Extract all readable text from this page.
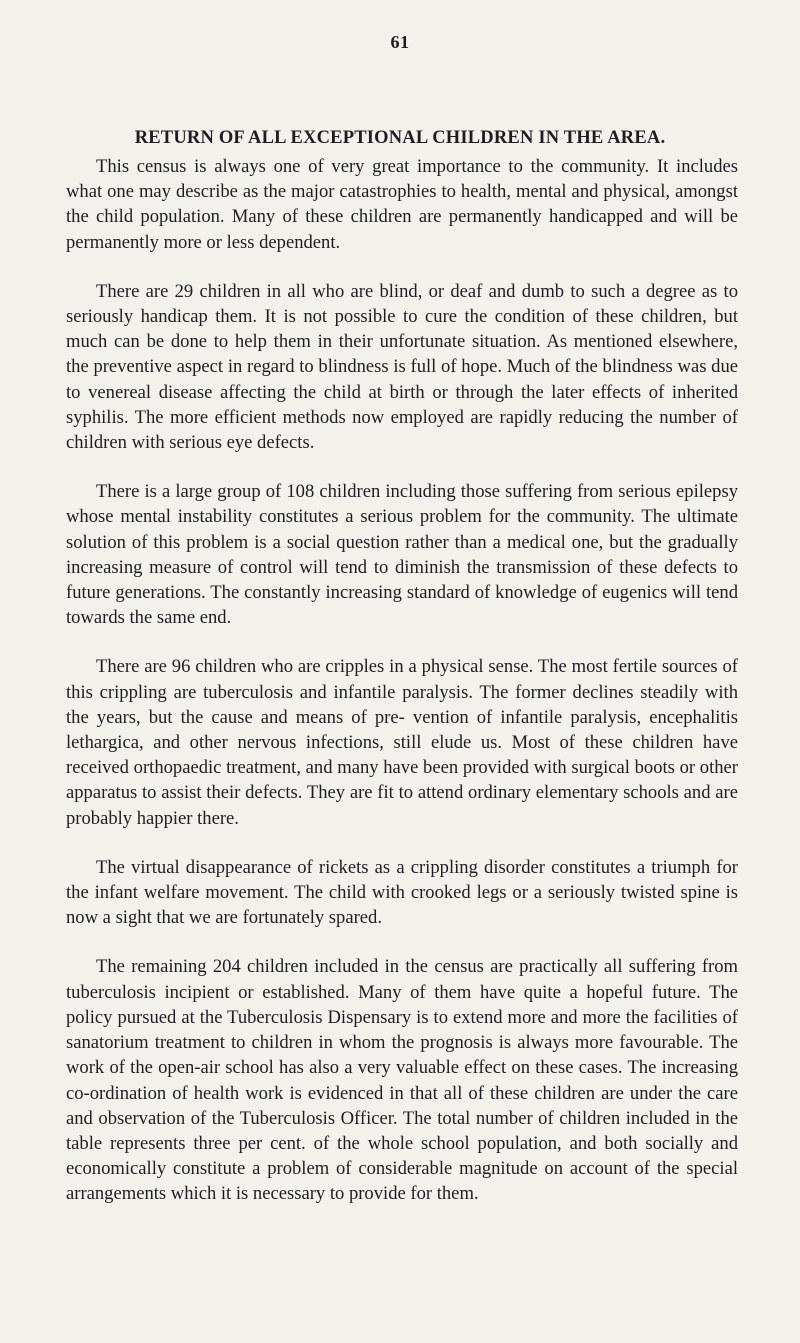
61
RETURN OF ALL EXCEPTIONAL CHILDREN IN THE AREA.

This census is always one of very great importance to the community. It includes what one may describe as the major catastrophies to health, mental and physical, amongst the child population. Many of these children are permanently handicapped and will be permanently more or less dependent.

There are 29 children in all who are blind, or deaf and dumb to such a degree as to seriously handicap them. It is not possible to cure the condition of these children, but much can be done to help them in their unfortunate situation. As mentioned elsewhere, the preventive aspect in regard to blindness is full of hope. Much of the blindness was due to venereal disease affecting the child at birth or through the later effects of inherited syphilis. The more efficient methods now employed are rapidly reducing the number of children with serious eye defects.

There is a large group of 108 children including those suffering from serious epilepsy whose mental instability constitutes a serious problem for the community. The ultimate solution of this problem is a social question rather than a medical one, but the gradually increasing measure of control will tend to diminish the transmission of these defects to future generations. The constantly increasing standard of knowledge of eugenics will tend towards the same end.

There are 96 children who are cripples in a physical sense. The most fertile sources of this crippling are tuberculosis and infantile paralysis. The former declines steadily with the years, but the cause and means of pre- vention of infantile paralysis, encephalitis lethargica, and other nervous infections, still elude us. Most of these children have received orthopaedic treatment, and many have been provided with surgical boots or other apparatus to assist their defects. They are fit to attend ordinary elementary schools and are probably happier there.

The virtual disappearance of rickets as a crippling disorder constitutes a triumph for the infant welfare movement. The child with crooked legs or a seriously twisted spine is now a sight that we are fortunately spared.

The remaining 204 children included in the census are practically all suffering from tuberculosis incipient or established. Many of them have quite a hopeful future. The policy pursued at the Tuberculosis Dispensary is to extend more and more the facilities of sanatorium treatment to children in whom the prognosis is always more favourable. The work of the open-air school has also a very valuable effect on these cases. The increasing co-ordination of health work is evidenced in that all of these children are under the care and observation of the Tuberculosis Officer. The total number of children included in the table represents three per cent. of the whole school population, and both socially and economically constitute a problem of considerable magnitude on account of the special arrangements which it is necessary to provide for them.
